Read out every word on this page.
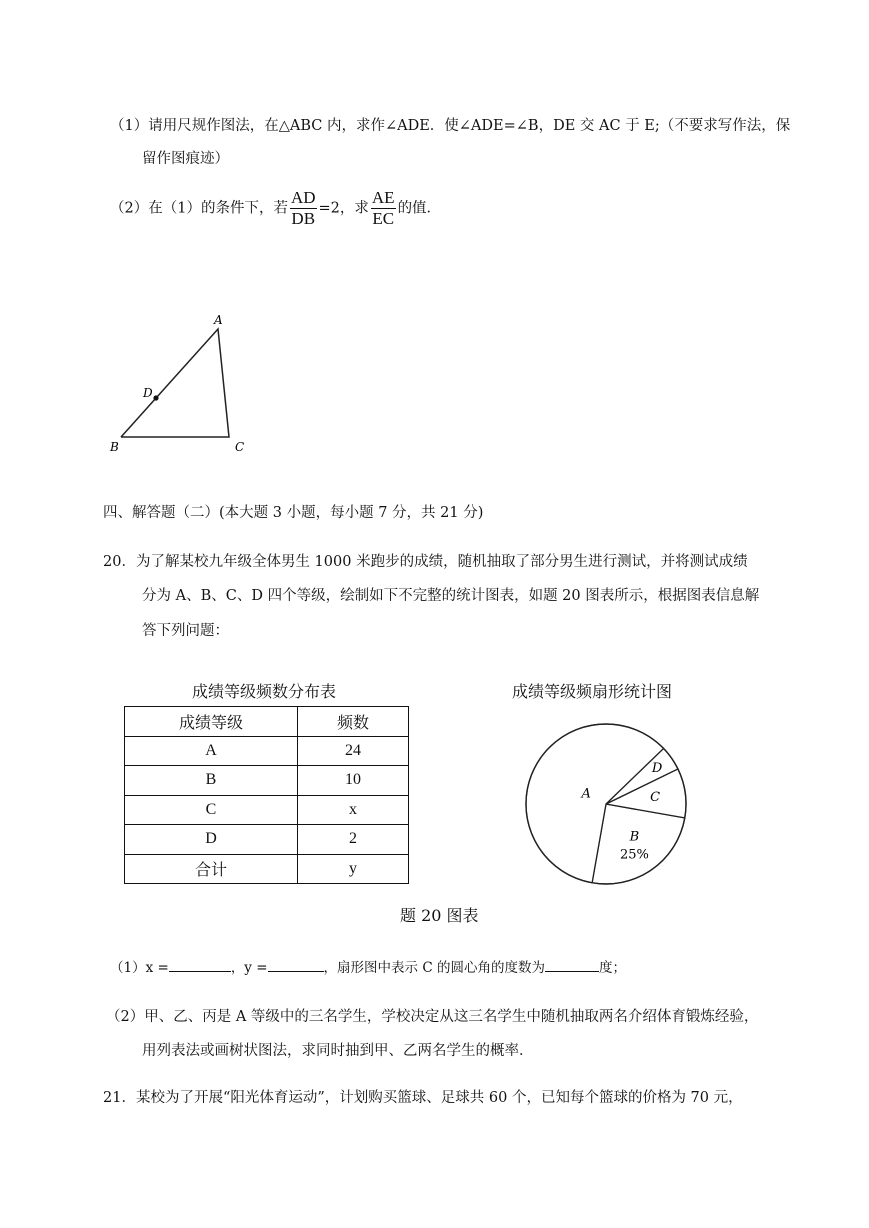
（1）请用尺规作图法，在△ABC 内，求作∠ADE．使∠ADE=∠B，DE 交 AC 于 E;（不要求写作法，保
留作图痕迹）
（2）在（1）的条件下，若 $\frac{AD}{DB} =2$，求 $\frac{AE}{EC}$ 的值．
A
B	C
D
四、解答题（二）(本大题 3 小题，每小题 7 分，共 21 分)
20．为了解某校九年级全体男生 1000 米跑步的成绩，随机抽取了部分男生进行测试，并将测试成绩
分为 A、B、C、D 四个等级，绘制如下不完整的统计图表，如题 20 图表所示，根据图表信息解
答下列问题：
成绩等级频数分布表
成绩等级	频数
A	24
B	10
C	x
D	2
合计	y
成绩等级频扇形统计图
B
25%
C
D
A
题 20 图表
（1）x =	，y =	，扇形图中表示 C 的圆心角的度数为	度；
（2）甲、乙、丙是 A 等级中的三名学生，学校决定从这三名学生中随机抽取两名介绍体育锻炼经验，
用列表法或画树状图法，求同时抽到甲、乙两名学生的概率．
21．某校为了开展“阳光体育运动”，计划购买篮球、足球共 60 个，已知每个篮球的价格为 70 元，
